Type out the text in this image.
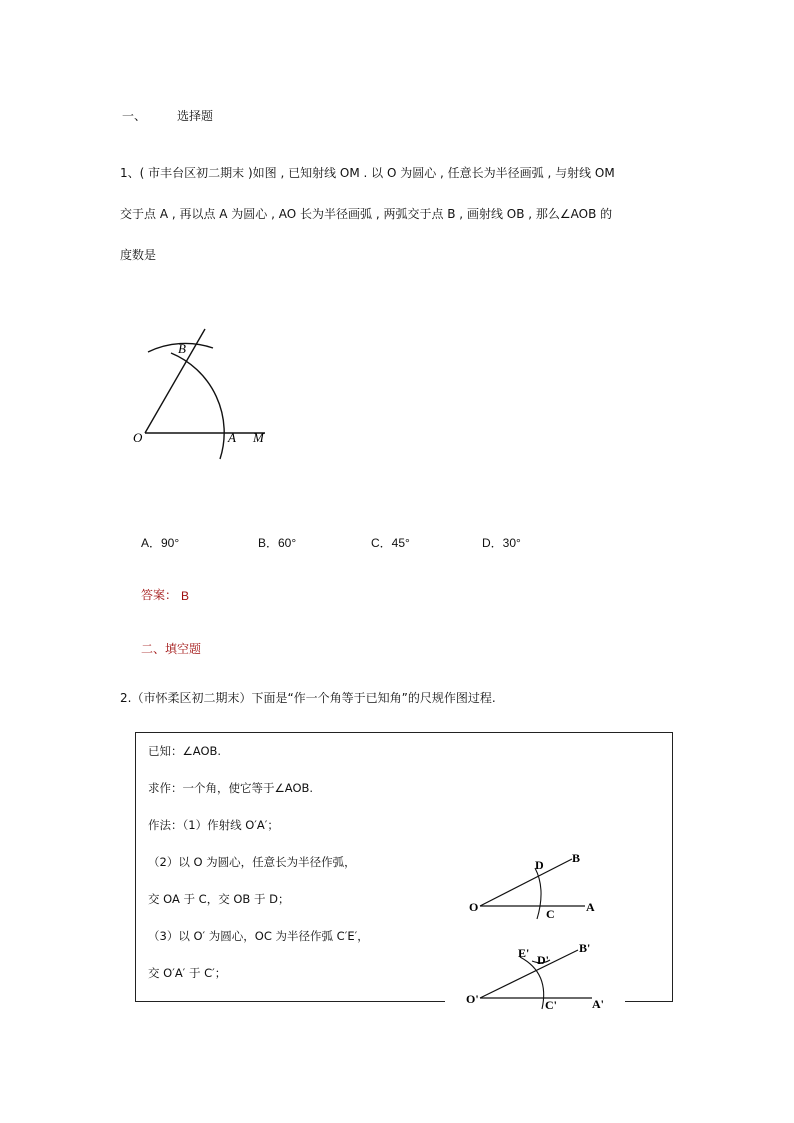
一、	选择题
1、( 市丰台区初二期末 )如图 , 已知射线 OM . 以 O 为圆心 , 任意长为半径画弧 , 与射线 OM
交于点 A , 再以点 A 为圆心 , AO 长为半径画弧 , 两弧交于点 B , 画射线 OB , 那么∠AOB 的
度数是
B
O	A M
A．90°	B．60°	C．45°	D．30°
答案： B
二、填空题
2.（市怀柔区初二期末）下面是“作一个角等于已知角”的尺规作图过程.
已知：∠AOB.
求作：一个角，使它等于∠AOB.
作法：（1）作射线 O′A′；
（2）以 O 为圆心，任意长为半径作弧，
交 OA 于 C，交 OB 于 D；
（3）以 O′ 为圆心，OC 为半径作弧 C′E′，
交 O′A′ 于 C′；
O	A
B
D
C
O'	A'
B'
E' D'
C'
